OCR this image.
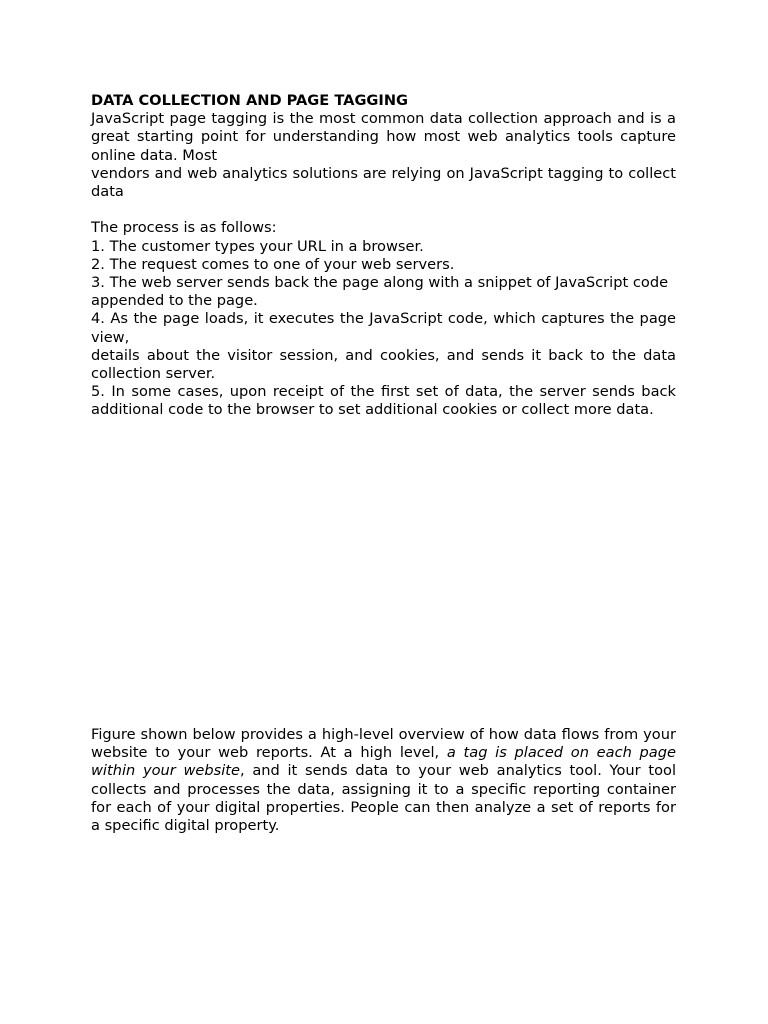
DATA COLLECTION AND PAGE TAGGING

JavaScript page tagging is the most common data collection approach and is a great starting point for understanding how most web analytics tools capture online data. Most

vendors and web analytics solutions are relying on JavaScript tagging to collect data

The process is as follows:

1. The customer types your URL in a browser.

2. The request comes to one of your web servers.

3. The web server sends back the page along with a snippet of JavaScript code

appended to the page.

4. As the page loads, it executes the JavaScript code, which captures the page view,

details about the visitor session, and cookies, and sends it back to the data collection server.

5. In some cases, upon receipt of the first set of data, the server sends back additional code to the browser to set additional cookies or collect more data.

Figure shown below provides a high-level overview of how data flows from your website to your web reports. At a high level, a tag is placed on each page within your website, and it sends data to your web analytics tool. Your tool collects and processes the data, assigning it to a specific reporting container for each of your digital properties. People can then analyze a set of reports for a specific digital property.
